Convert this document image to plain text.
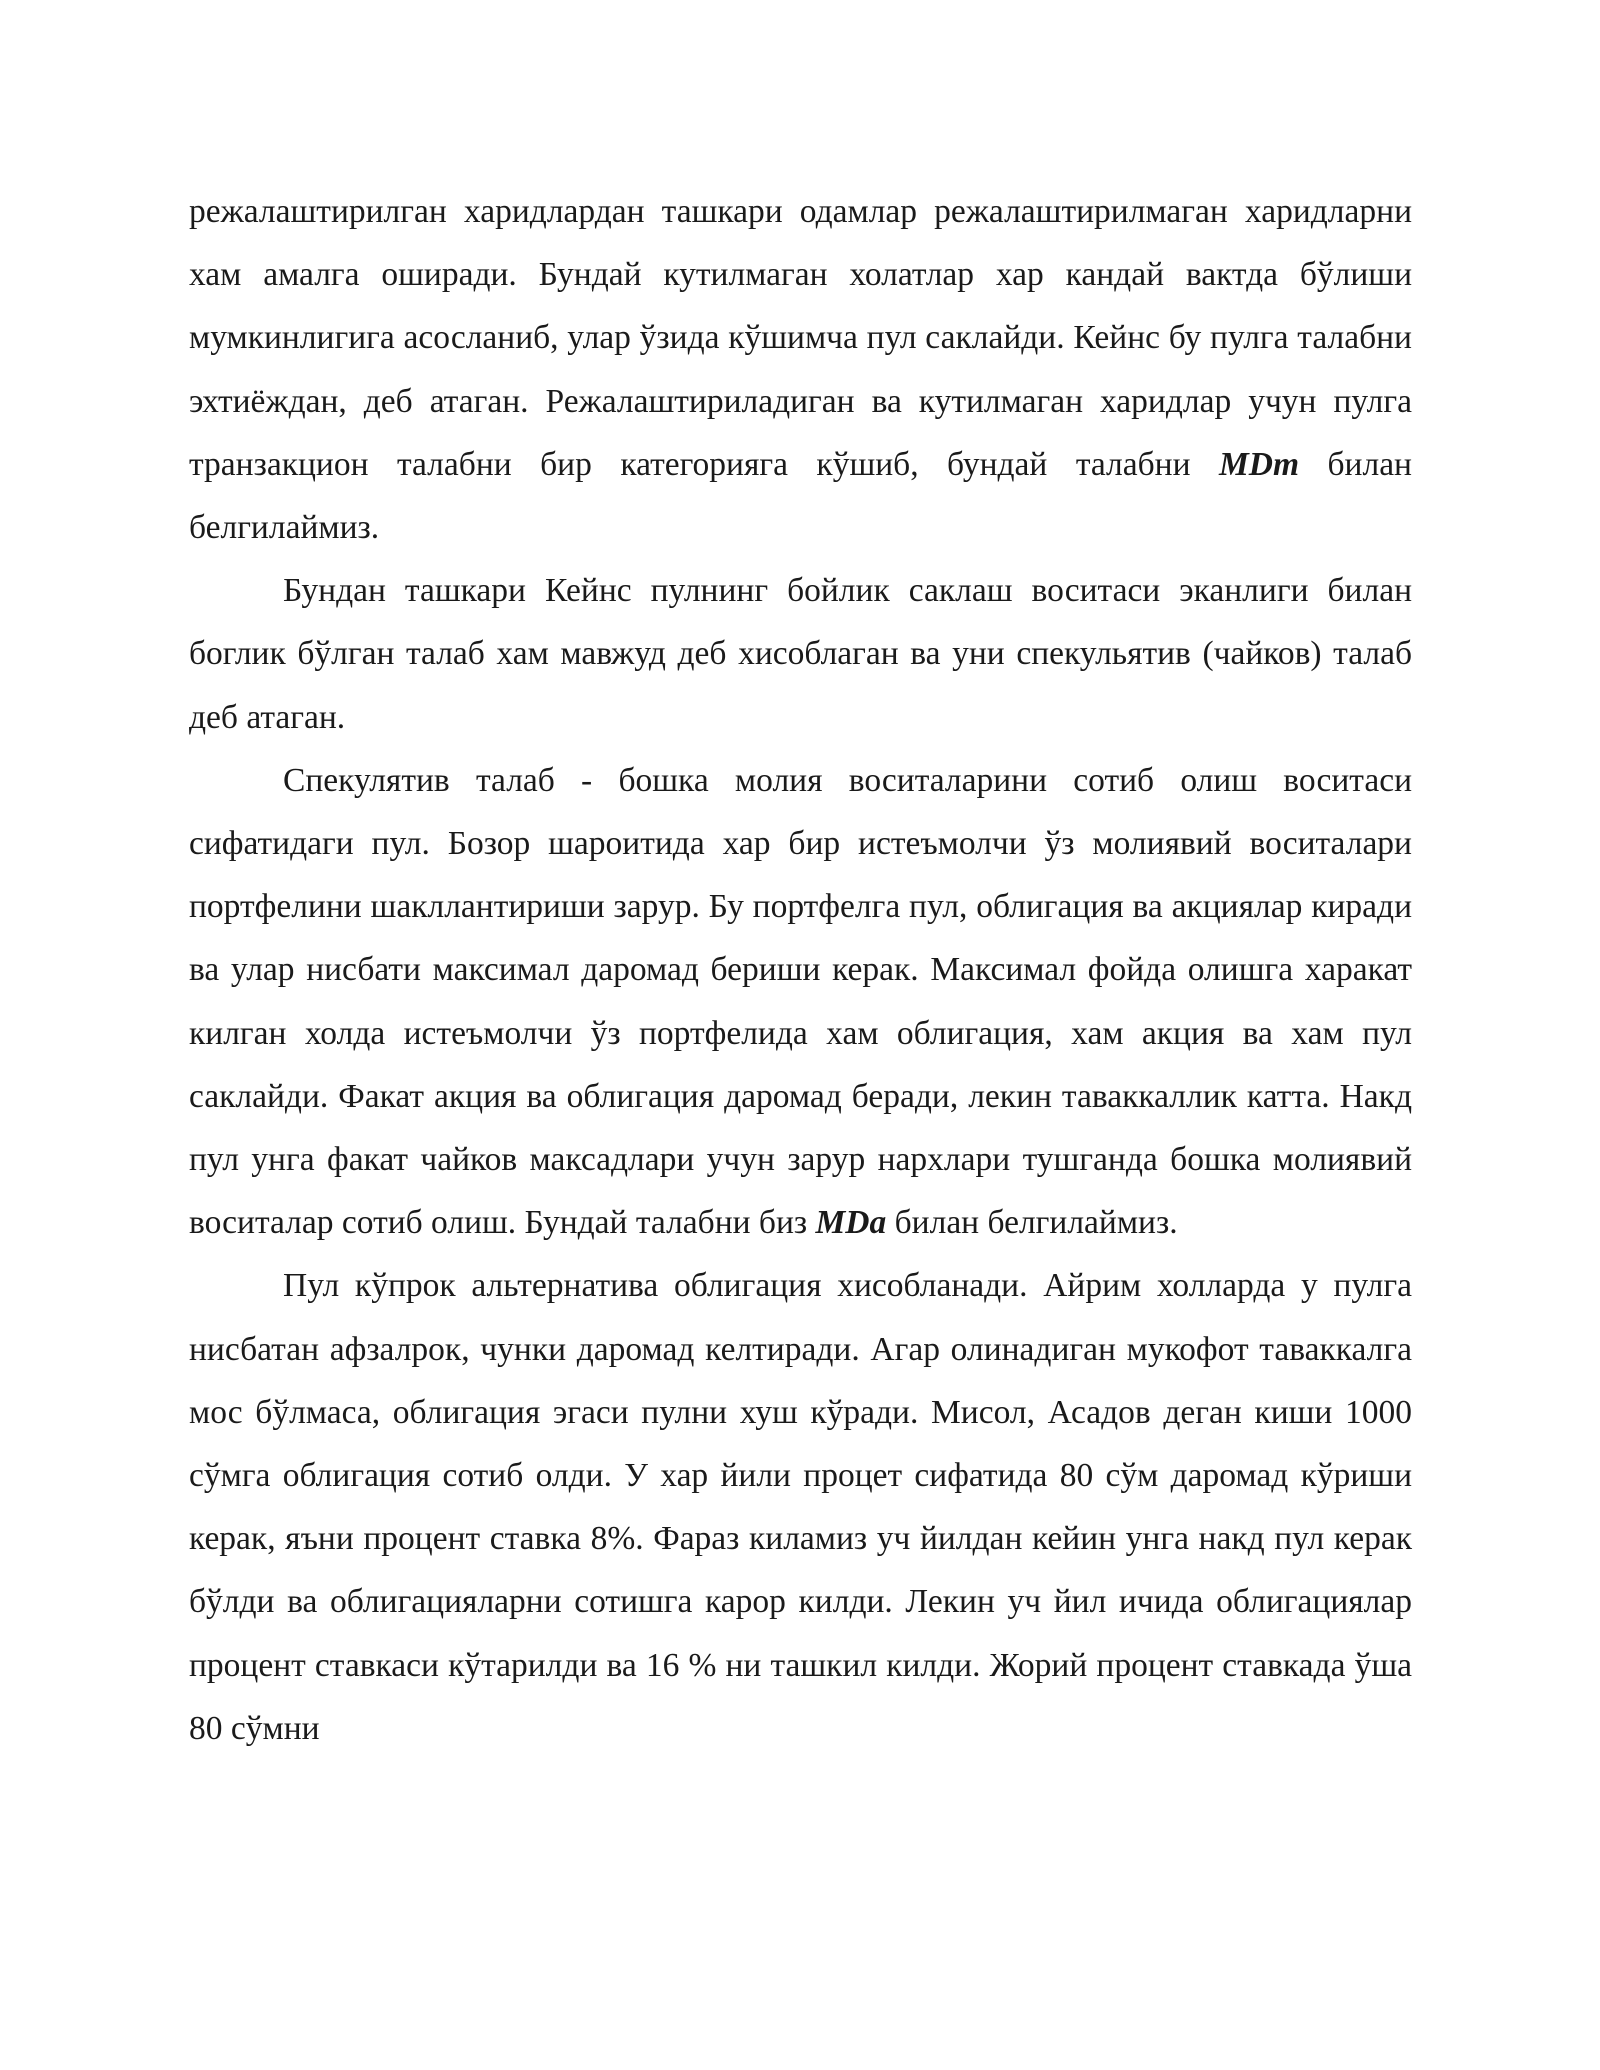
режалаштирилган харидлардан ташкари одамлар режалаштирилмаган харидларни хам амалга оширади. Бундай кутилмаган холатлар хар кандай вактда бўлиши мумкинлигига асосланиб, улар ўзида кўшимча пул саклайди. Кейнс бу пулга талабни эхтиёждан, деб атаган. Режалаштириладиган ва кутилмаган харидлар учун пулга транзакцион талабни бир категорияга кўшиб, бундай талабни MDm билан белгилаймиз.

Бундан ташкари Кейнс пулнинг бойлик саклаш воситаси эканлиги билан боглик бўлган талаб хам мавжуд деб хисоблаган ва уни спекульятив (чайков) талаб деб атаган.

Спекулятив талаб - бошка молия воситаларини сотиб олиш воситаси сифатидаги пул. Бозор шароитида хар бир истеъмолчи ўз молиявий воситалари портфелини шакллантириши зарур. Бу портфелга пул, облигация ва акциялар киради ва улар нисбати максимал даромад бериши керак. Максимал фойда олишга харакат килган холда истеъмолчи ўз портфелида хам облигация, хам акция ва хам пул саклайди. Факат акция ва облигация даромад беради, лекин таваккаллик катта. Накд пул унга факат чайков максадлари учун зарур нархлари тушганда бошка молиявий воситалар сотиб олиш. Бундай талабни биз MDa билан белгилаймиз.

Пул кўпрок альтернатива облигация хисобланади. Айрим холларда у пулга нисбатан афзалрок, чунки даромад келтиради. Агар олинадиган мукофот таваккалга мос бўлмаса, облигация эгаси пулни хуш кўради. Мисол, Асадов деган киши 1000 сўмга облигация сотиб олди. У хар йили процет сифатида 80 сўм даромад кўриши керак, яъни процент ставка 8%. Фараз киламиз уч йилдан кейин унга накд пул керак бўлди ва облигацияларни сотишга карор килди. Лекин уч йил ичида облигациялар процент ставкаси кўтарилди ва 16 % ни ташкил килди. Жорий процент ставкада ўша 80 сўмни
